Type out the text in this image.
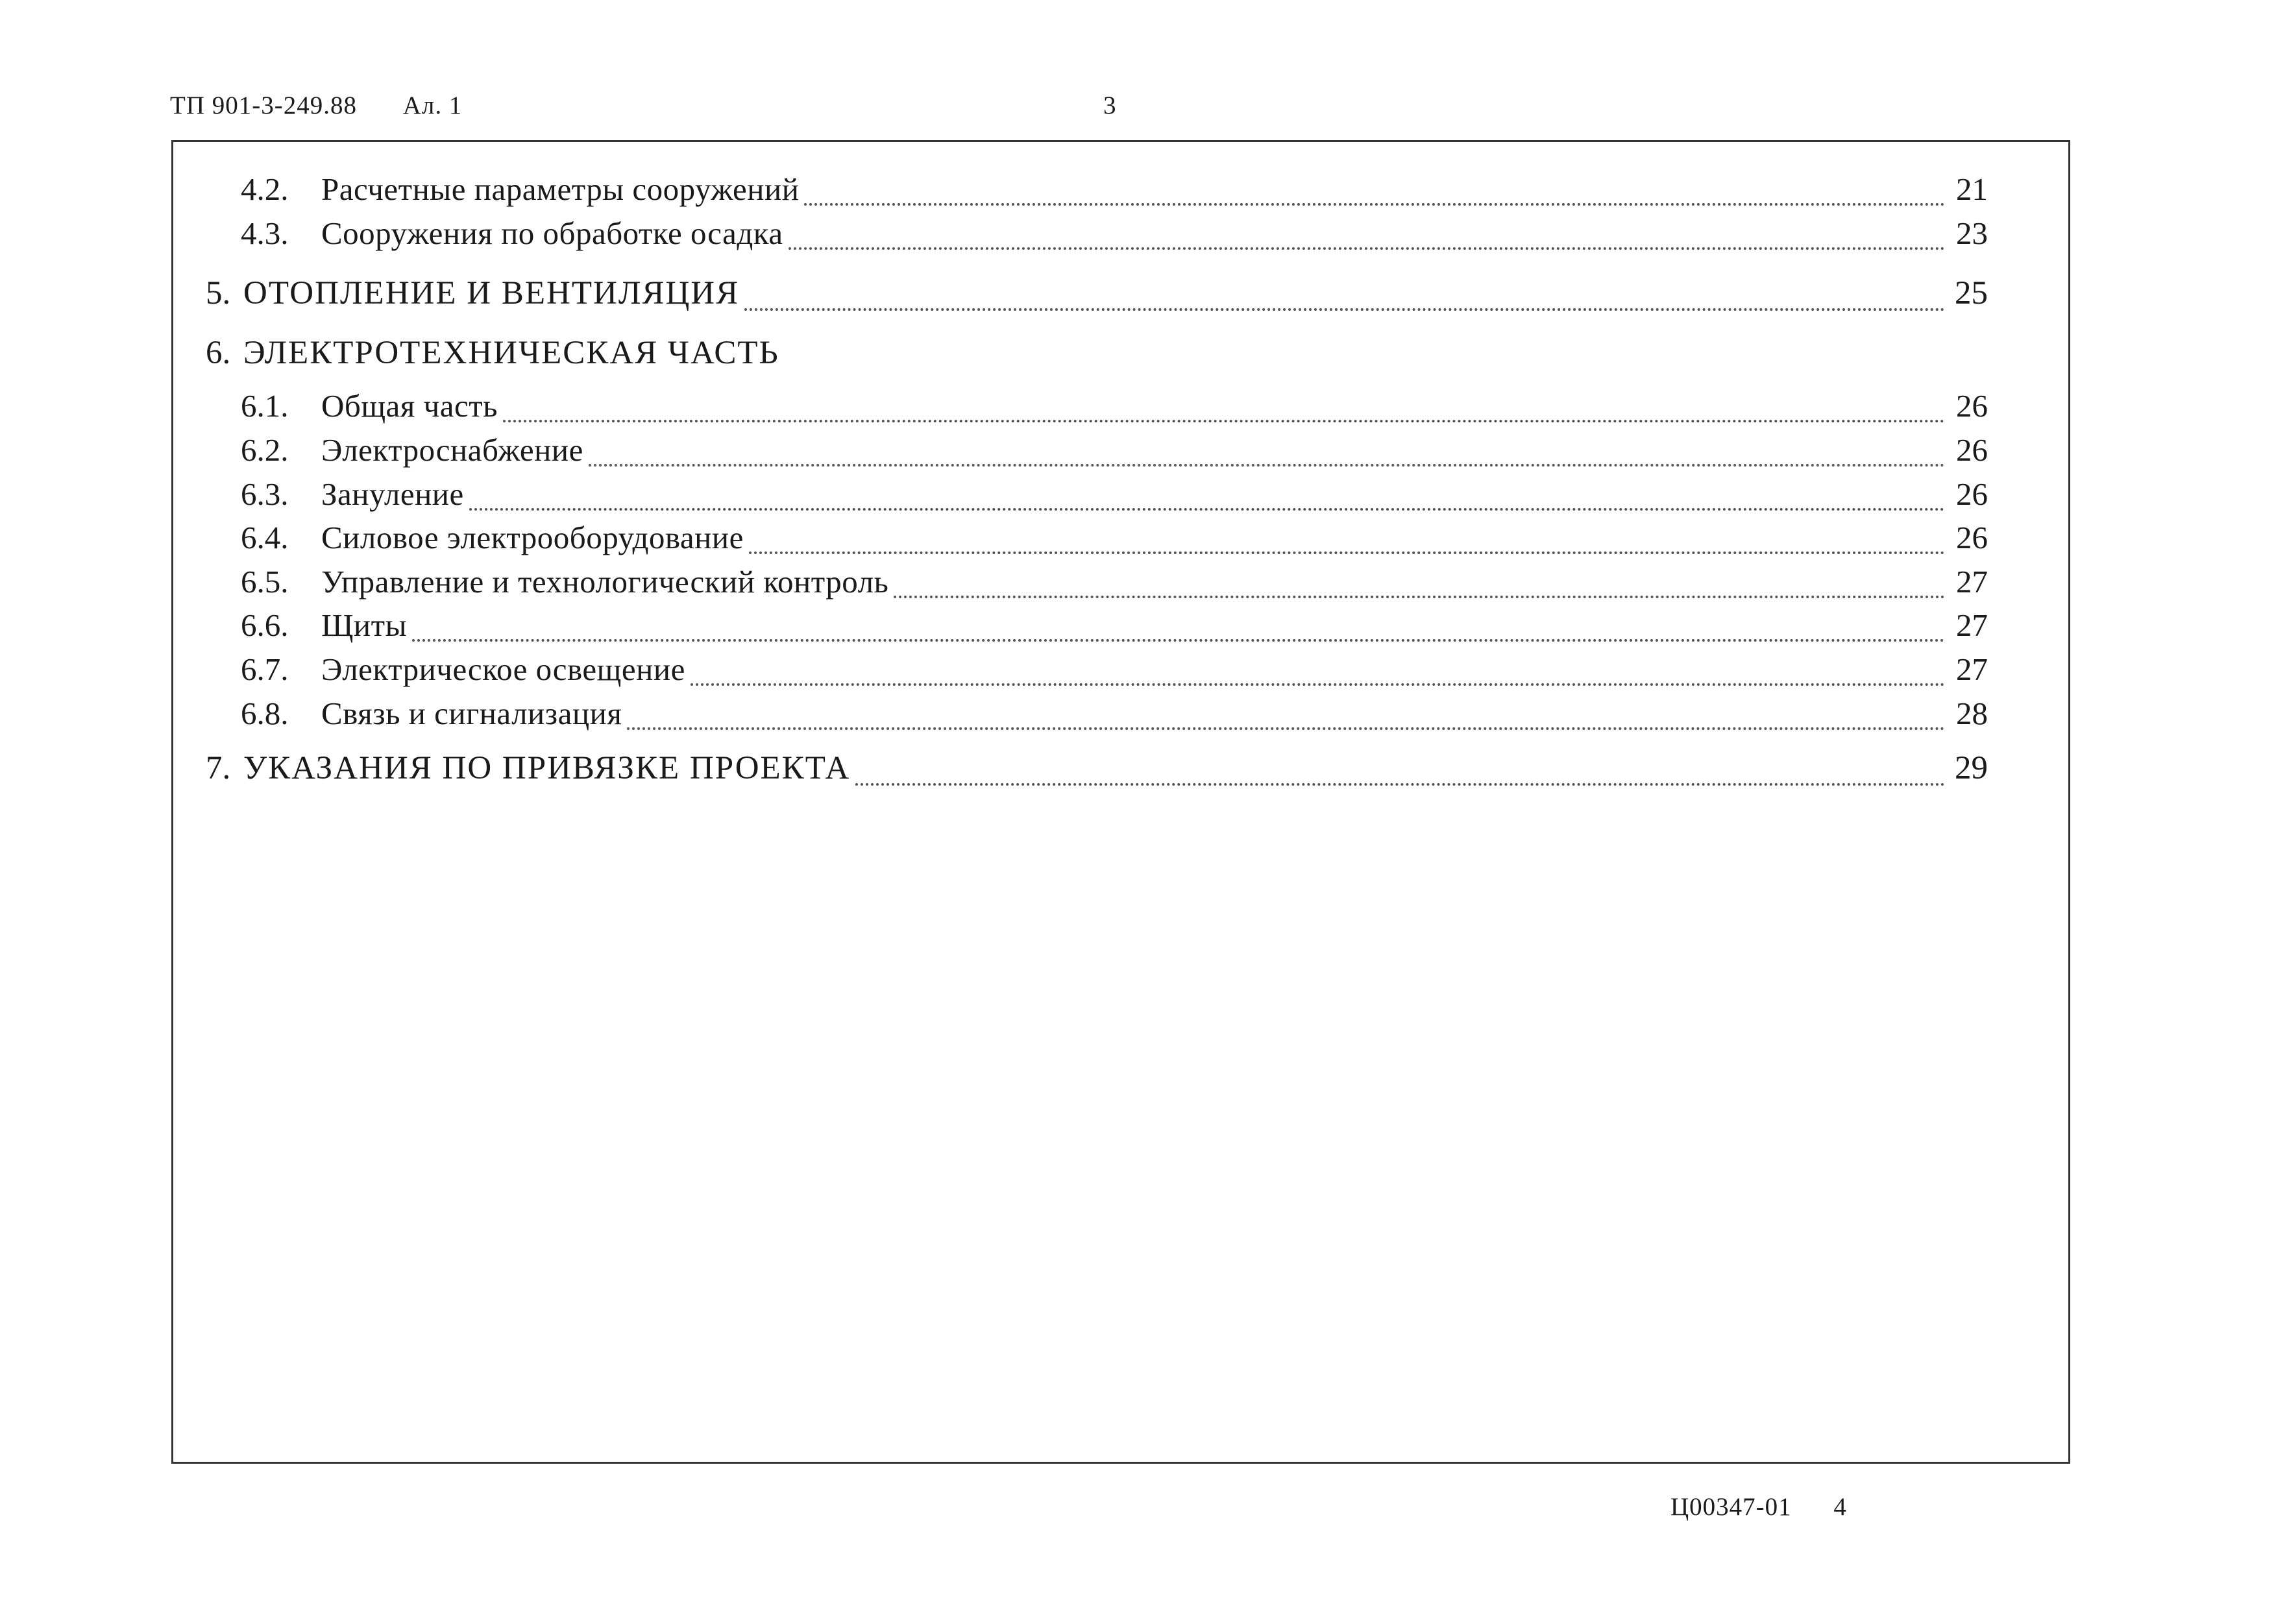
ТП 901-3-249.88 Ал. 1	3
4.2.	Расчетные параметры сооружений	21
4.3.	Сооружения по обработке осадка	23
5. ОТОПЛЕНИЕ И ВЕНТИЛЯЦИЯ	25
6. ЭЛЕКТРОТЕХНИЧЕСКАЯ ЧАСТЬ
6.1.	Общая часть	26
6.2.	Электроснабжение	26
6.3.	Зануление	26
6.4.	Силовое электрооборудование	26
6.5.	Управление и технологический контроль	27
6.6.	Щиты	27
6.7.	Электрическое освещение	27
6.8.	Связь и сигнализация	28
7. УКАЗАНИЯ ПО ПРИВЯЗКЕ ПРОЕКТА	29
Ц00347-01 4
